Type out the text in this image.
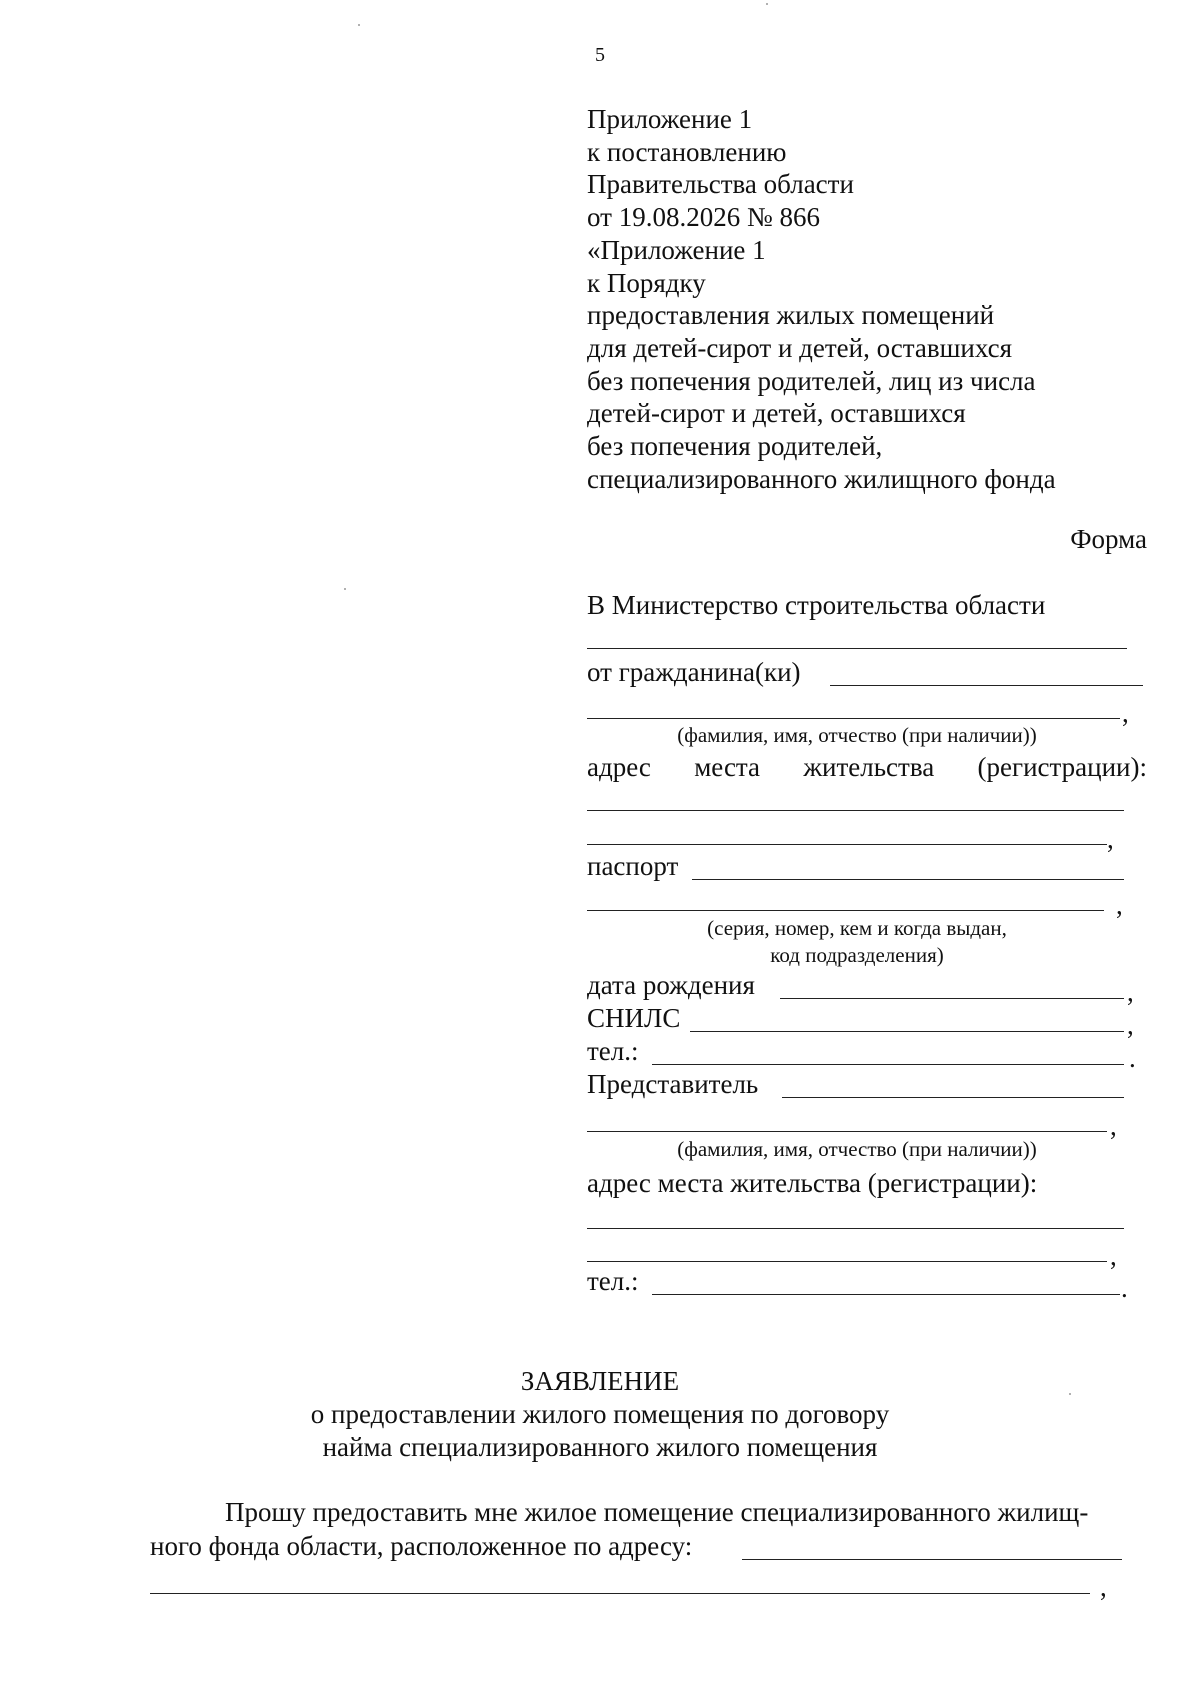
5
Приложение 1
к постановлению
Правительства области
от 19.08.2026 № 866
«Приложение 1
к Порядку
предоставления жилых помещений
для детей-сирот и детей, оставшихся
без попечения родителей, лиц из числа
детей-сирот и детей, оставшихся
без попечения родителей,
специализированного жилищного фонда
Форма
В Министерство строительства области
от гражданина(ки)
,
(фамилия, имя, отчество (при наличии))
адрес места жительства (регистрации):
,
паспорт
,
(серия, номер, кем и когда выдан,
код подразделения)
дата рождения	,
СНИЛС	,
тел.:	.
Представитель
,
(фамилия, имя, отчество (при наличии))
адрес места жительства (регистрации):
,
тел.:	.
ЗАЯВЛЕНИЕ
о предоставлении жилого помещения по договору
найма специализированного жилого помещения
Прошу предоставить мне жилое помещение специализированного жилищ-
ного фонда области, расположенное по адресу:
,
